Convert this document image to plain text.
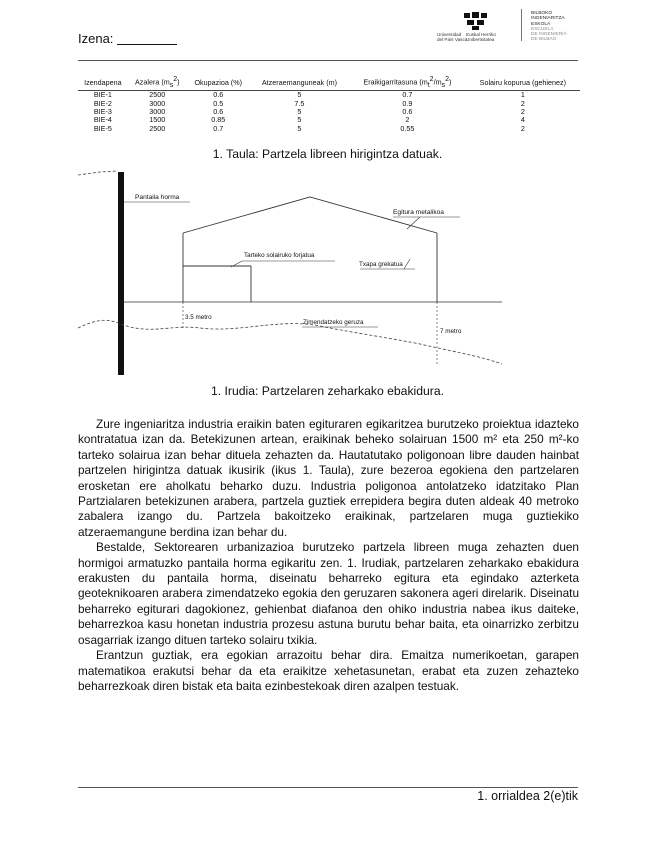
Izena:	Universidad
del País Vasco
Euskal Herriko
Unibertsitatea
BILBOKO
INGENIARITZA
ESKOLA
ESCUELA
DE INGENIERÍA
DE BILBAO
Izendapena	Azalera $(m_s^2)$	Okupazioa (%)	Atzeraemanguneak (m)	Eraikigarritasuna $(m_t^2/m_s^2)$	Solairu kopurua (gehienez)
BIE-1	2500	0.6	5	0.7	1
BIE-2	3000	0.5	7.5	0.9	2
BIE-3	3000	0.6	5	0.6	2
BIE-4	1500	0.85	5	2	4
BIE-5	2500	0.7	5	0.55	2
1. Taula: Partzela libreen hirigintza datuak.
Pantaila horma
Egitura metalikoa
Tarteko solairuko forjatua
Txapa grekatua
3.5 metro
Zimendatzeko geruza
7 metro
1. Irudia: Partzelaren zeharkako ebakidura.

Zure ingeniaritza industria eraikin baten egituraren egikaritzea burutzeko proiektua idazteko kontratatua izan da. Betekizunen artean, eraikinak beheko solairuan 1500 m² eta 250 m²-ko tarteko solairua izan behar dituela zehazten da. Hautatutako poligonoan libre dauden hainbat partzelen hirigintza datuak ikusirik (ikus 1. Taula), zure bezeroa egokiena den partzelaren erosketan ere aholkatu beharko duzu. Industria poligonoa antolatzeko idatzitako Plan Partzialaren betekizunen arabera, partzela guztiek errepidera begira duten aldeak 40 metroko zabalera izango du. Partzela bakoitzeko eraikinak, partzelaren muga guztiekiko atzeraemangune berdina izan behar du.

Bestalde, Sektorearen urbanizazioa burutzeko partzela libreen muga zehazten duen hormigoi armatuzko pantaila horma egikaritu zen. 1. Irudiak, partzelaren zeharkako ebakidura erakusten du pantaila horma, diseinatu beharreko egitura eta egindako azterketa geoteknikoaren arabera zimendatzeko egokia den geruzaren sakonera ageri direlarik. Diseinatu beharreko egiturari dagokionez, gehienbat diafanoa den ohiko industria nabea ikus daiteke, beharrezkoa kasu honetan industria prozesu astuna burutu behar baita, eta oinarrizko zerbitzu osagarriak izango dituen tarteko solairu txikia.

Erantzun guztiak, era egokian arrazoitu behar dira. Emaitza numerikoetan, garapen matematikoa erakutsi behar da eta eraikitze xehetasunetan, erabat eta zuzen zehazteko beharrezkoak diren bistak eta baita ezinbestekoak diren azalpen testuak.

1. orrialdea 2(e)tik
